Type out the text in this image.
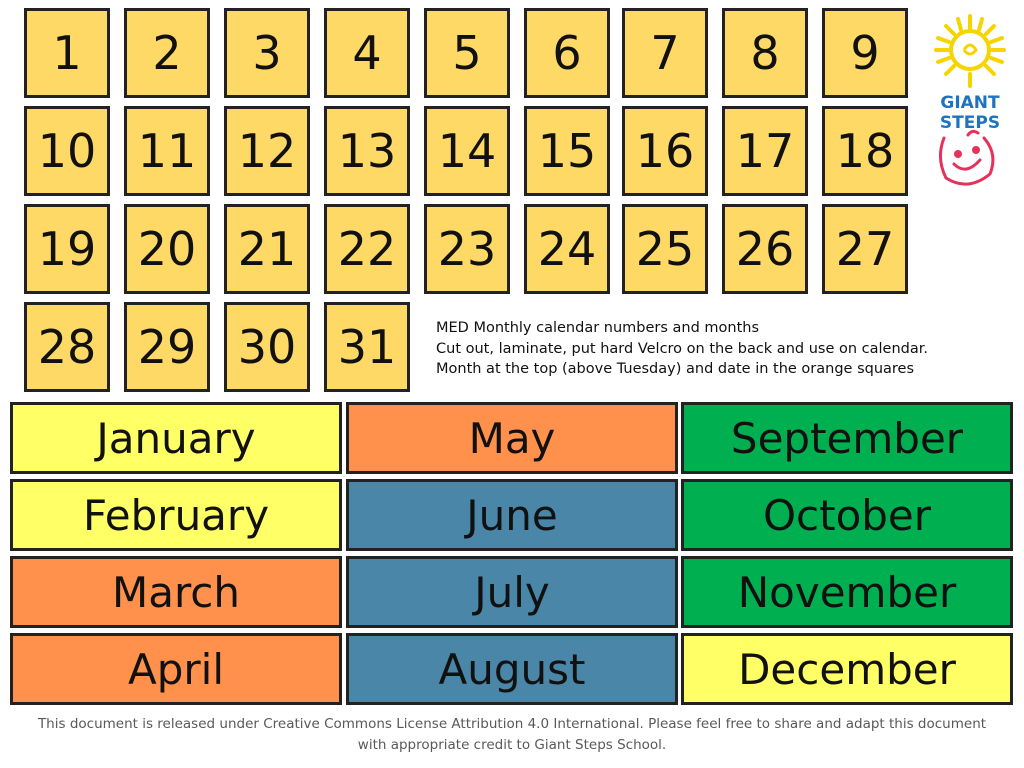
1	2	3	4	5	6	7	8	9
10 11 12 13 14 15 16 17 18
19 20 21 22 23 24 25 26 27
28 29 30 31	MED Monthly calendar numbers and months
Cut out, laminate, put hard Velcro on the back and use on calendar.
Month at the top (above Tuesday) and date in the orange squares
GIANT
STEPS
January
February
March
April
May
June
July
August
September
October
November
December
This document is released under Creative Commons License Attribution 4.0 International. Please feel free to share and adapt this document
with appropriate credit to Giant Steps School.
